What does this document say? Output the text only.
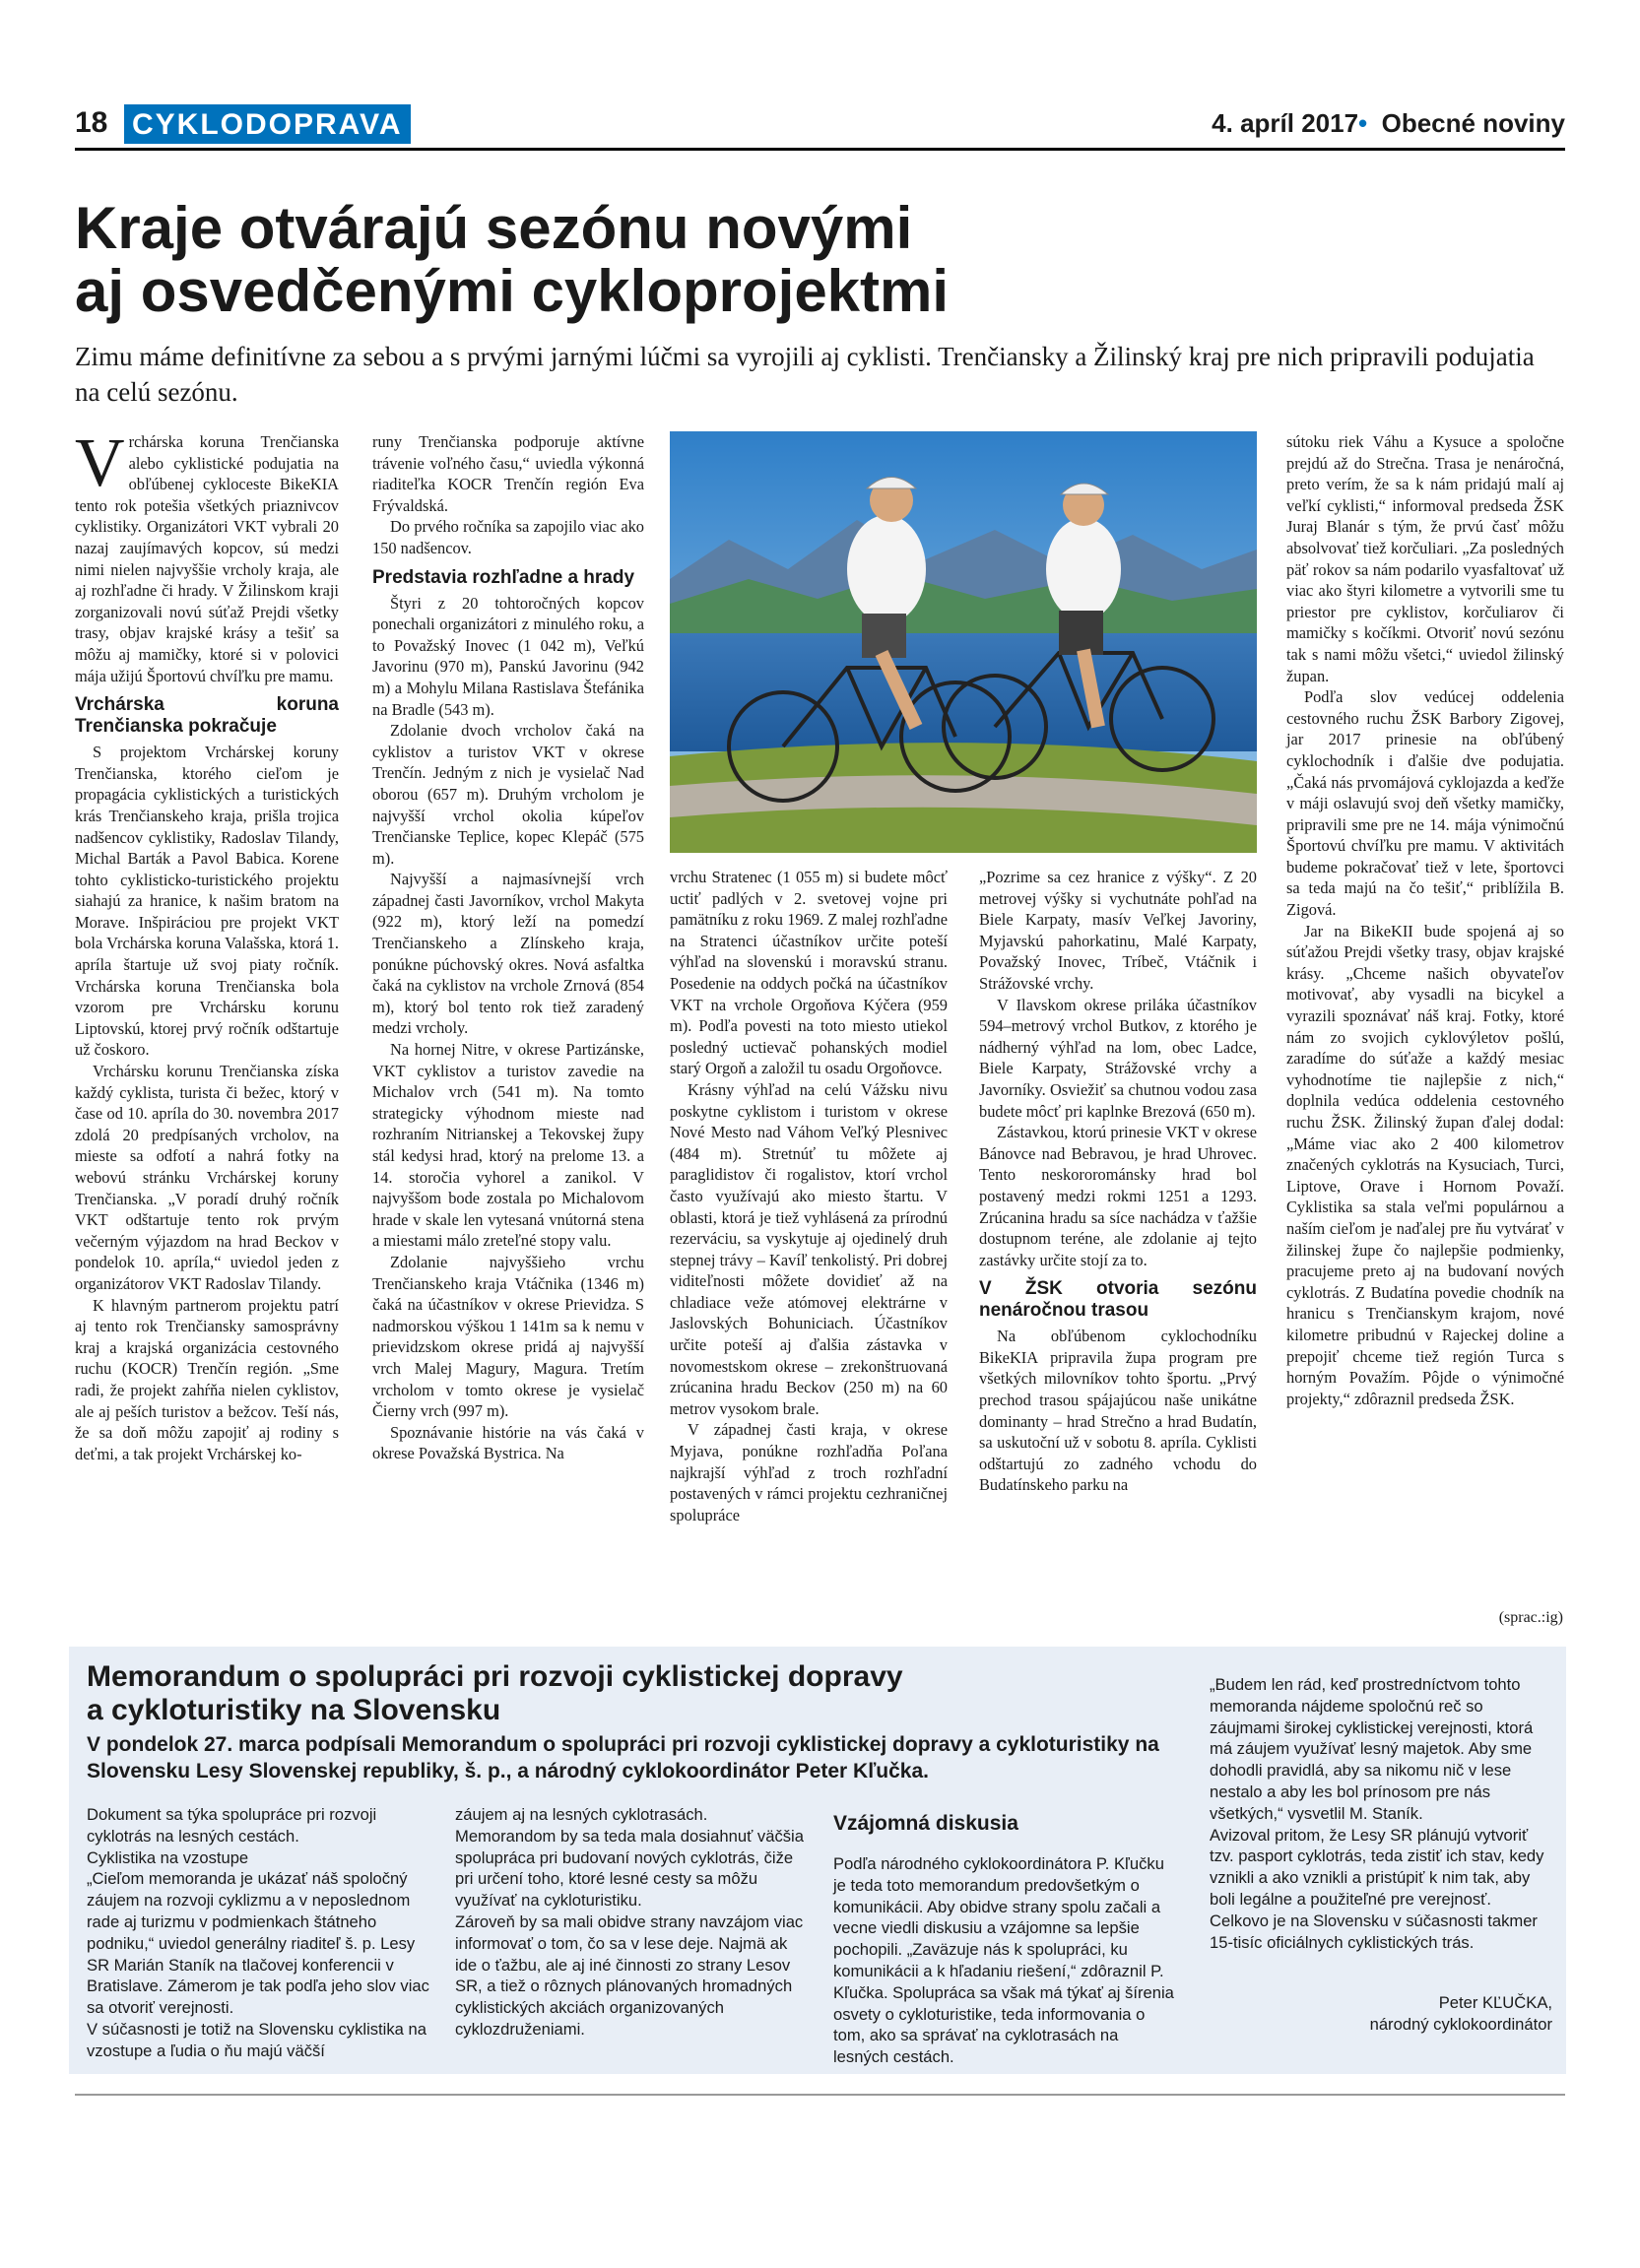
18 CYKLODOPRAVA	4. apríl 2017• Obecné noviny
Kraje otvárajú sezónu novými
aj osvedčenými cykloprojektmi
Zimu máme definitívne za sebou a s prvými jarnými lúčmi sa vyrojili aj cyklisti. Trenčiansky a Žilinský kraj pre nich pripravili podujatia na celú sezónu.

Vrchárska koruna Trenčianska alebo cyklistické podujatia na obľúbenej cykloceste BikeKIA tento rok potešia všetkých priaznivcov cyklistiky. Organizátori VKT vybrali 20 nazaj zaujímavých kopcov, sú medzi nimi nielen najvyššie vrcholy kraja, ale aj rozhľadne či hrady. V Žilinskom kraji zorganizovali novú súťaž Prejdi všetky trasy, objav krajské krásy a tešiť sa môžu aj mamičky, ktoré si v polovici mája užijú Športovú chvíľku pre mamu.

Vrchárska koruna Trenčianska pokračuje

S projektom Vrchárskej koruny Trenčianska, ktorého cieľom je propagácia cyklistických a turistických krás Trenčianskeho kraja, prišla trojica nadšencov cyklistiky, Radoslav Tilandy, Michal Barták a Pavol Babica. Korene tohto cyklisticko-turistického projektu siahajú za hranice, k našim bratom na Morave. Inšpiráciou pre projekt VKT bola Vrchárska koruna Valašska, ktorá 1. apríla štartuje už svoj piaty ročník. Vrchárska koruna Trenčianska bola vzorom pre Vrchársku korunu Liptovskú, ktorej prvý ročník odštartuje už čoskoro.

Vrchársku korunu Trenčianska získa každý cyklista, turista či bežec, ktorý v čase od 10. apríla do 30. novembra 2017 zdolá 20 predpísaných vrcholov, na mieste sa odfotí a nahrá fotky na webovú stránku Vrchárskej koruny Trenčianska. „V poradí druhý ročník VKT odštartuje tento rok prvým večerným výjazdom na hrad Beckov v pondelok 10. apríla,“ uviedol jeden z organizátorov VKT Radoslav Tilandy.

K hlavným partnerom projektu patrí aj tento rok Trenčiansky samosprávny kraj a krajská organizácia cestovného ruchu (KOCR) Trenčín región. „Sme radi, že projekt zahŕňa nielen cyklistov, ale aj peších turistov a bežcov. Teší nás, že sa doň môžu zapojiť aj rodiny s deťmi, a tak projekt Vrchárskej ko-

runy Trenčianska podporuje aktívne trávenie voľného času,“ uviedla výkonná riaditeľka KOCR Trenčín región Eva Frývaldská.

Do prvého ročníka sa zapojilo viac ako 150 nadšencov.

Predstavia rozhľadne a hrady

Štyri z 20 tohtoročných kopcov ponechali organizátori z minulého roku, a to Považský Inovec (1 042 m), Veľkú Javorinu (970 m), Panskú Javorinu (942 m) a Mohylu Milana Rastislava Štefánika na Bradle (543 m).

Zdolanie dvoch vrcholov čaká na cyklistov a turistov VKT v okrese Trenčín. Jedným z nich je vysielač Nad oborou (657 m). Druhým vrcholom je najvyšší vrchol okolia kúpeľov Trenčianske Teplice, kopec Klepáč (575 m).

Najvyšší a najmasívnejší vrch západnej časti Javorníkov, vrchol Makyta (922 m), ktorý leží na pomedzí Trenčianskeho a Zlínskeho kraja, ponúkne púchovský okres. Nová asfaltka čaká na cyklistov na vrchole Zrnová (854 m), ktorý bol tento rok tiež zaradený medzi vrcholy.

Na hornej Nitre, v okrese Partizánske, VKT cyklistov a turistov zavedie na Michalov vrch (541 m). Na tomto strategicky výhodnom mieste nad rozhraním Nitrianskej a Tekovskej župy stál kedysi hrad, ktorý na prelome 13. a 14. storočia vyhorel a zanikol. V najvyššom bode zostala po Michalovom hrade v skale len vytesaná vnútorná stena a miestami málo zreteľné stopy valu.

Zdolanie najvyššieho vrchu Trenčianskeho kraja Vtáčnika (1346 m) čaká na účastníkov v okrese Prievidza. S nadmorskou výškou 1 141m sa k nemu v prievidzskom okrese pridá aj najvyšší vrch Malej Magury, Magura. Tretím vrcholom v tomto okrese je vysielač Čierny vrch (997 m).

Spoznávanie histórie na vás čaká v okrese Považská Bystrica. Na

vrchu Stratenec (1 055 m) si budete môcť uctiť padlých v 2. svetovej vojne pri pamätníku z roku 1969. Z malej rozhľadne na Stratenci účastníkov určite poteší výhľad na slovenskú i moravskú stranu. Posedenie na oddych počká na účastníkov VKT na vrchole Orgoňova Kýčera (959 m). Podľa povesti na toto miesto utiekol posledný uctievač pohanských modiel starý Orgoň a založil tu osadu Orgoňovce.

Krásny výhľad na celú Vážsku nivu poskytne cyklistom i turistom v okrese Nové Mesto nad Váhom Veľký Plesnivec (484 m). Stretnúť tu môžete aj paraglidistov či rogalistov, ktorí vrchol často využívajú ako miesto štartu. V oblasti, ktorá je tiež vyhlásená za prírodnú rezerváciu, sa vyskytuje aj ojedinelý druh stepnej trávy – Kavíľ tenkolistý. Pri dobrej viditeľnosti môžete dovidieť až na chladiace veže atómovej elektrárne v Jaslovských Bohuniciach. Účastníkov určite poteší aj ďalšia zástavka v novomestskom okrese – zrekonštruovaná zrúcanina hradu Beckov (250 m) na 60 metrov vysokom brale.

V západnej časti kraja, v okrese Myjava, ponúkne rozhľadňa Poľana najkrajší výhľad z troch rozhľadní postavených v rámci projektu cezhraničnej spolupráce

„Pozrime sa cez hranice z výšky“. Z 20 metrovej výšky si vychutnáte pohľad na Biele Karpaty, masív Veľkej Javoriny, Myjavskú pahorkatinu, Malé Karpaty, Považský Inovec, Tríbeč, Vtáčnik i Strážovské vrchy.

V Ilavskom okrese priláka účastníkov 594–metrový vrchol Butkov, z ktorého je nádherný výhľad na lom, obec Ladce, Biele Karpaty, Strážovské vrchy a Javorníky. Osviežiť sa chutnou vodou zasa budete môcť pri kaplnke Brezová (650 m).

Zástavkou, ktorú prinesie VKT v okrese Bánovce nad Bebravou, je hrad Uhrovec. Tento neskororománsky hrad bol postavený medzi rokmi 1251 a 1293. Zrúcanina hradu sa síce nachádza v ťažšie dostupnom teréne, ale zdolanie aj tejto zastávky určite stojí za to.

V ŽSK otvoria sezónu nenáročnou trasou

Na obľúbenom cyklochodníku BikeKIA pripravila župa program pre všetkých milovníkov tohto športu. „Prvý prechod trasou spájajúcou naše unikátne dominanty – hrad Strečno a hrad Budatín, sa uskutoční už v sobotu 8. apríla. Cyklisti odštartujú zo zadného vchodu do Budatínskeho parku na

sútoku riek Váhu a Kysuce a spoločne prejdú až do Strečna. Trasa je nenáročná, preto verím, že sa k nám pridajú malí aj veľkí cyklisti,“ informoval predseda ŽSK Juraj Blanár s tým, že prvú časť môžu absolvovať tiež korčuliari. „Za posledných päť rokov sa nám podarilo vyasfaltovať už viac ako štyri kilometre a vytvorili sme tu priestor pre cyklistov, korčuliarov či mamičky s kočíkmi. Otvoriť novú sezónu tak s nami môžu všetci,“ uviedol žilinský župan.

Podľa slov vedúcej oddelenia cestovného ruchu ŽSK Barbory Zigovej, jar 2017 prinesie na obľúbený cyklochodník i ďalšie dve podujatia. „Čaká nás prvomájová cyklojazda a keďže v máji oslavujú svoj deň všetky mamičky, pripravili sme pre ne 14. mája výnimočnú Športovú chvíľku pre mamu. V aktivitách budeme pokračovať tiež v lete, športovci sa teda majú na čo tešiť,“ priblížila B. Zigová.

Jar na BikeKII bude spojená aj so súťažou Prejdi všetky trasy, objav krajské krásy. „Chceme našich obyvateľov motivovať, aby vysadli na bicykel a vyrazili spoznávať náš kraj. Fotky, ktoré nám zo svojich cyklovýletov pošlú, zaradíme do súťaže a každý mesiac vyhodnotíme tie najlepšie z nich,“ doplnila vedúca oddelenia cestovného ruchu ŽSK. Žilinský župan ďalej dodal: „Máme viac ako 2 400 kilometrov značených cyklotrás na Kysuciach, Turci, Liptove, Orave i Hornom Považí. Cyklistika sa stala veľmi populárnou a naším cieľom je naďalej pre ňu vytvárať v žilinskej župe čo najlepšie podmienky, pracujeme preto aj na budovaní nových cyklotrás. Z Budatína povedie chodník na hranicu s Trenčianskym krajom, nové kilometre pribudnú v Rajeckej doline a prepojiť chceme tiež región Turca s horným Považím. Pôjde o výnimočné projekty,“ zdôraznil predseda ŽSK.

(sprac.:ig)
Memorandum o spolupráci pri rozvoji cyklistickej dopravy
a cykloturistiky na Slovensku
V pondelok 27. marca podpísali Memorandum o spolupráci pri rozvoji cyklistickej dopravy a cykloturistiky na Slovensku Lesy Slovenskej republiky, š. p., a národný cyklokoordinátor Peter Kľučka.

Dokument sa týka spolupráce pri rozvoji cyklotrás na lesných cestách.

Cyklistika na vzostupe

„Cieľom memoranda je ukázať náš spoločný záujem na rozvoji cyklizmu a v neposlednom rade aj turizmu v podmienkach štátneho podniku,“ uviedol generálny riaditeľ š. p. Lesy SR Marián Staník na tlačovej konferencii v Bratislave. Zámerom je tak podľa jeho slov viac sa otvoriť verejnosti.

V súčasnosti je totiž na Slovensku cyklistika na vzostupe a ľudia o ňu majú väčší

záujem aj na lesných cyklotrasách. Memorandom by sa teda mala dosiahnuť väčšia spolupráca pri budovaní nových cyklotrás, čiže pri určení toho, ktoré lesné cesty sa môžu využívať na cykloturistiku.

Zároveň by sa mali obidve strany navzájom viac informovať o tom, čo sa v lese deje. Najmä ak ide o ťažbu, ale aj iné činnosti zo strany Lesov SR, a tiež o rôznych plánovaných hromadných cyklistických akciách organizovaných cyklozdruženiami.

Vzájomná diskusia

Podľa národného cyklokoordinátora P. Kľučku je teda toto memorandum predovšetkým o komunikácii. Aby obidve strany spolu začali a vecne viedli diskusiu a vzájomne sa lepšie pochopili. „Zaväzuje nás k spolupráci, ku komunikácii a k hľadaniu riešení,“ zdôraznil P. Kľučka. Spolupráca sa však má týkať aj šírenia osvety o cykloturistike, teda informovania o tom, ako sa správať na cyklotrasách na lesných cestách.

„Budem len rád, keď prostredníctvom tohto memoranda nájdeme spoločnú reč so záujmami širokej cyklistickej verejnosti, ktorá má záujem využívať lesný majetok. Aby sme dohodli pravidlá, aby sa nikomu nič v lese nestalo a aby les bol prínosom pre nás všetkých,“ vysvetlil M. Staník.

Avizoval pritom, že Lesy SR plánujú vytvoriť tzv. pasport cyklotrás, teda zistiť ich stav, kedy vznikli a ako vznikli a pristúpiť k nim tak, aby boli legálne a použiteľné pre verejnosť.

Celkovo je na Slovensku v súčasnosti takmer 15-tisíc oficiálnych cyklistických trás.

Peter KĽUČKA,
národný cyklokoordinátor
